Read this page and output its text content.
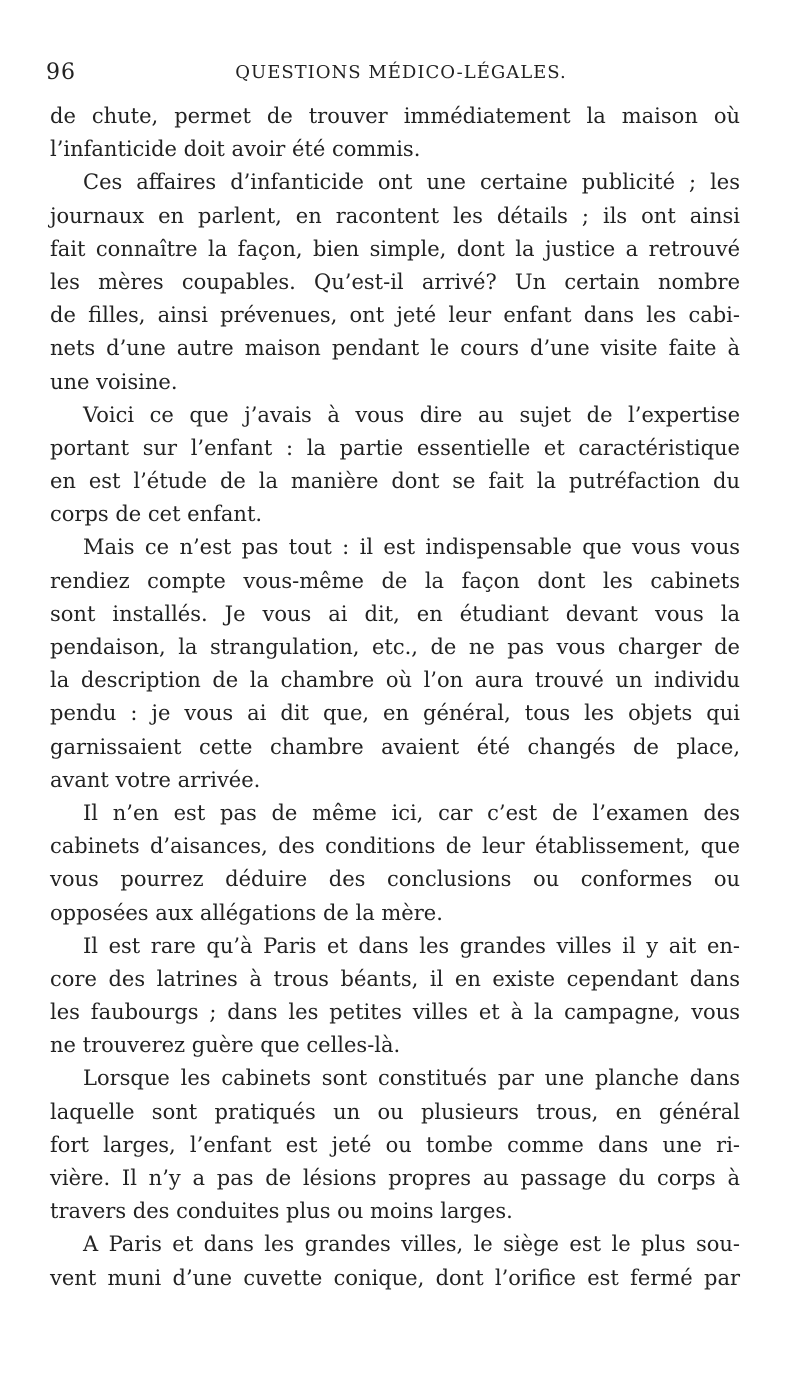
96	QUESTIONS MÉDICO-LÉGALES.
de chute, permet de trouver immédiatement la maison où
l’infanticide doit avoir été commis.
Ces affaires d’infanticide ont une certaine publicité ; les
journaux en parlent, en racontent les détails ; ils ont ainsi
fait connaître la façon, bien simple, dont la justice a retrouvé
les mères coupables. Qu’est-il arrivé? Un certain nombre
de filles, ainsi prévenues, ont jeté leur enfant dans les cabi-
nets d’une autre maison pendant le cours d’une visite faite à
une voisine.
Voici ce que j’avais à vous dire au sujet de l’expertise
portant sur l’enfant : la partie essentielle et caractéristique
en est l’étude de la manière dont se fait la putréfaction du
corps de cet enfant.
Mais ce n’est pas tout : il est indispensable que vous vous
rendiez compte vous-même de la façon dont les cabinets
sont installés. Je vous ai dit, en étudiant devant vous la
pendaison, la strangulation, etc., de ne pas vous charger de
la description de la chambre où l’on aura trouvé un individu
pendu : je vous ai dit que, en général, tous les objets qui
garnissaient cette chambre avaient été changés de place,
avant votre arrivée.
Il n’en est pas de même ici, car c’est de l’examen des
cabinets d’aisances, des conditions de leur établissement, que
vous pourrez déduire des conclusions ou conformes ou
opposées aux allégations de la mère.
Il est rare qu’à Paris et dans les grandes villes il y ait en-
core des latrines à trous béants, il en existe cependant dans
les faubourgs ; dans les petites villes et à la campagne, vous
ne trouverez guère que celles-là.
Lorsque les cabinets sont constitués par une planche dans
laquelle sont pratiqués un ou plusieurs trous, en général
fort larges, l’enfant est jeté ou tombe comme dans une ri-
vière. Il n’y a pas de lésions propres au passage du corps à
travers des conduites plus ou moins larges.
A Paris et dans les grandes villes, le siège est le plus sou-
vent muni d’une cuvette conique, dont l’orifice est fermé par
